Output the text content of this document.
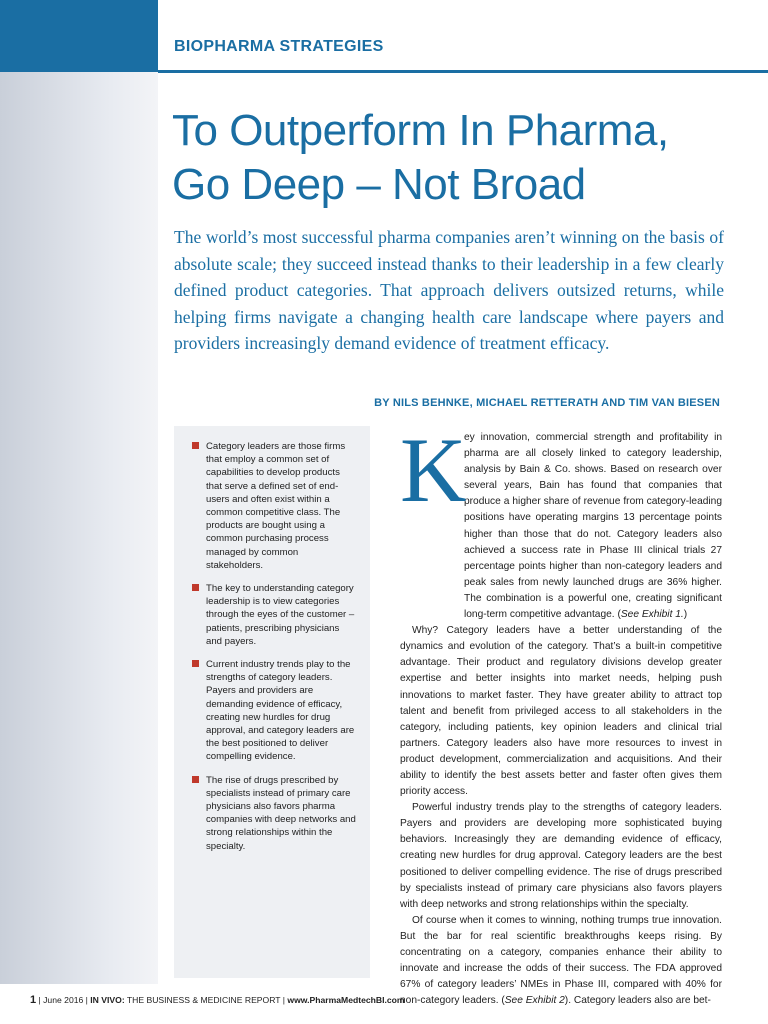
BIOPHARMA STRATEGIES
To Outperform In Pharma,
Go Deep – Not Broad

The world’s most successful pharma companies aren’t winning on the basis of absolute scale; they succeed instead thanks to their leadership in a few clearly defined product categories. That approach delivers outsized returns, while helping firms navigate a changing health care landscape where payers and providers increasingly demand evidence of treatment efficacy.

BY NILS BEHNKE, MICHAEL RETTERATH AND TIM VAN BIESEN
Category leaders are those firms that employ a common set of capabilities to develop products that serve a defined set of end-users and often exist within a common competitive class. The products are bought using a common purchasing process managed by common stakeholders.
The key to understanding category leadership is to view categories through the eyes of the customer – patients, prescribing physicians and payers.
Current industry trends play to the strengths of category leaders. Payers and providers are demanding evidence of efficacy, creating new hurdles for drug approval, and category leaders are the best positioned to deliver compelling evidence.
The rise of drugs prescribed by specialists instead of primary care physicians also favors pharma companies with deep networks and strong relationships within the specialty.
K

ey innovation, commercial strength and profitability in pharma are all closely linked to category leadership, analysis by Bain & Co. shows. Based on research over several years, Bain has found that companies that produce a higher share of revenue from category-leading positions have operating margins 13 percentage points higher than those that do not. Category leaders also achieved a success rate in Phase III clinical trials 27 percentage points higher than non-category leaders and peak sales from newly launched drugs are 36% higher. The combination is a powerful one, creating significant long-term competitive advantage. (See Exhibit 1.)

Why? Category leaders have a better understanding of the dynamics and evolution of the category. That’s a built-in competitive advantage. Their product and regulatory divisions develop greater expertise and better insights into market needs, helping push innovations to market faster. They have greater ability to attract top talent and benefit from privileged access to all stakeholders in the category, including patients, key opinion leaders and clinical trial partners. Category leaders also have more resources to invest in product development, commercialization and acquisitions. And their ability to identify the best assets better and faster often gives them priority access.

Powerful industry trends play to the strengths of category leaders. Payers and providers are developing more sophisticated buying behaviors. Increasingly they are demanding evidence of efficacy, creating new hurdles for drug approval. Category leaders are the best positioned to deliver compelling evidence. The rise of drugs prescribed by specialists instead of primary care physicians also favors players with deep networks and strong relationships within the specialty.

Of course when it comes to winning, nothing trumps true innovation. But the bar for real scientific breakthroughs keeps rising. By concentrating on a category, companies enhance their ability to innovate and increase the odds of their success. The FDA approved 67% of category leaders’ NMEs in Phase III, compared with 40% for non-category leaders. (See Exhibit 2). Category leaders also are bet-

1 | June 2016 | IN VIVO: THE BUSINESS & MEDICINE REPORT | www.PharmaMedtechBI.com
